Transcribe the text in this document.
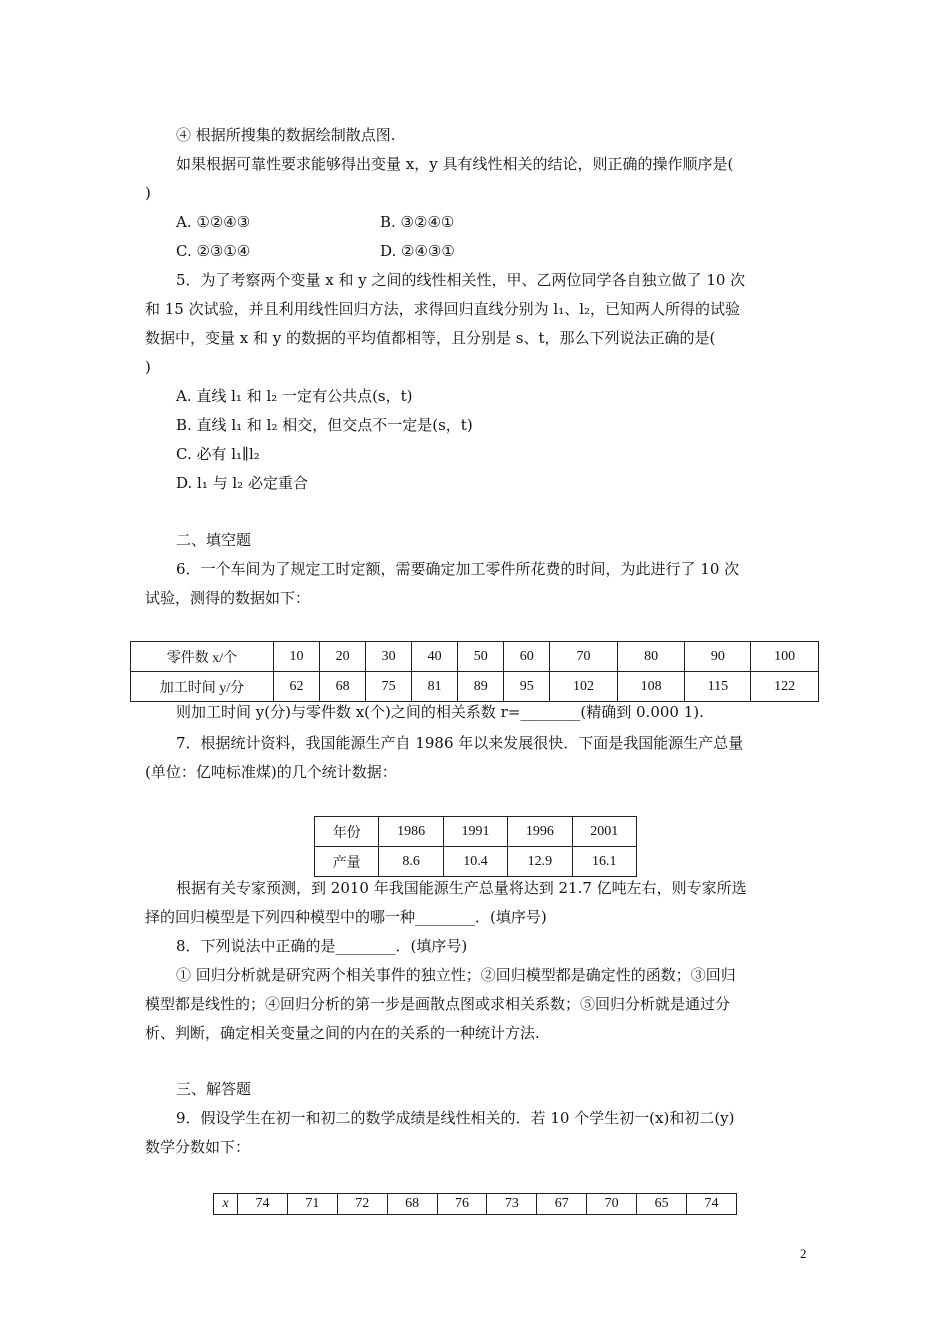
④ 根据所搜集的数据绘制散点图.
如果根据可靠性要求能够得出变量 x，y 具有线性相关的结论，则正确的操作顺序是(
)
A. ①②④③	B. ③②④①
C. ②③①④	D. ②④③①
5．为了考察两个变量 x 和 y 之间的线性相关性，甲、乙两位同学各自独立做了 10 次
和 15 次试验，并且利用线性回归方法，求得回归直线分别为 l₁、l₂，已知两人所得的试验
数据中，变量 x 和 y 的数据的平均值都相等，且分别是 s、t，那么下列说法正确的是(
)
A. 直线 l₁ 和 l₂ 一定有公共点(s，t)
B. 直线 l₁ 和 l₂ 相交，但交点不一定是(s，t)
C. 必有 l₁∥l₂
D. l₁ 与 l₂ 必定重合
二、填空题
6．一个车间为了规定工时定额，需要确定加工零件所花费的时间，为此进行了 10 次
试验，测得的数据如下：
零件数 x/个	10	20	30	40	50	60	70	80	90	100
加工时间 y/分	62	68	75	81	89	95	102	108	115	122
则加工时间 y(分)与零件数 x(个)之间的相关系数 r=________(精确到 0.000 1).
7．根据统计资料，我国能源生产自 1986 年以来发展很快．下面是我国能源生产总量
(单位：亿吨标准煤)的几个统计数据：
年份	1986	1991	1996	2001
产量	8.6	10.4	12.9	16.1
根据有关专家预测，到 2010 年我国能源生产总量将达到 21.7 亿吨左右，则专家所选
择的回归模型是下列四种模型中的哪一种________．(填序号)
8．下列说法中正确的是________．(填序号)
① 回归分析就是研究两个相关事件的独立性；②回归模型都是确定性的函数；③回归
模型都是线性的；④回归分析的第一步是画散点图或求相关系数；⑤回归分析就是通过分
析、判断，确定相关变量之间的内在的关系的一种统计方法.
三、解答题
9．假设学生在初一和初二的数学成绩是线性相关的．若 10 个学生初一(x)和初二(y)
数学分数如下：
x	74	71	72	68	76	73	67	70	65	74
2
